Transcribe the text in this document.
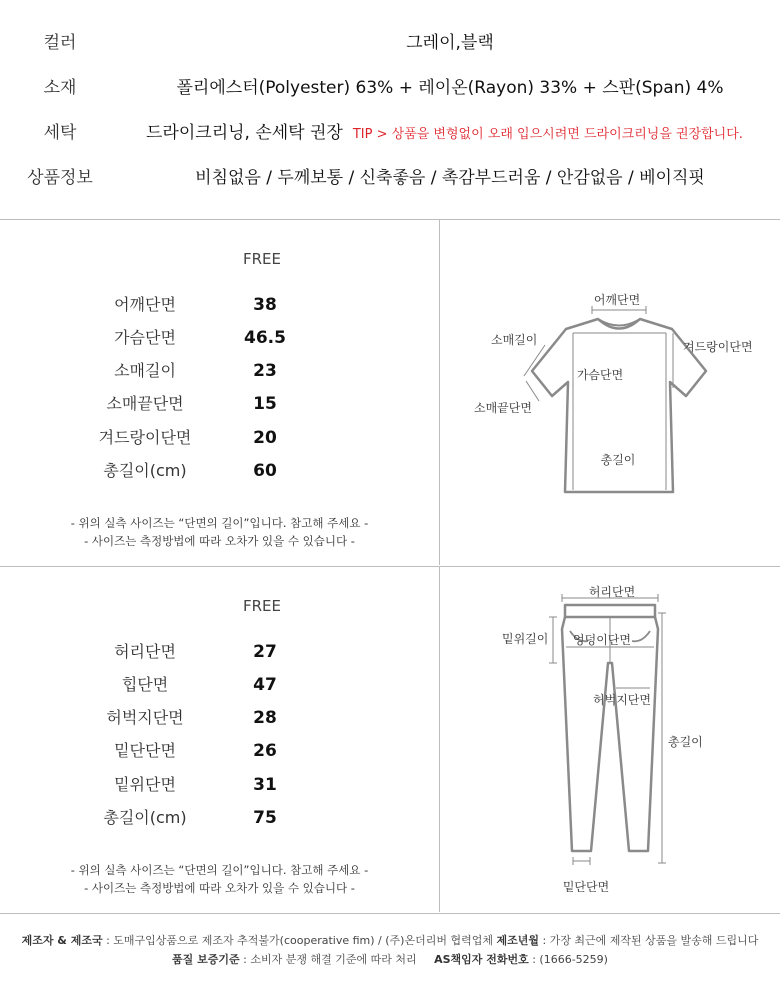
컬러	그레이,블랙
소재	폴리에스터(Polyester) 63% + 레이온(Rayon) 33% + 스판(Span) 4%
세탁	드라이크리닝, 손세탁 권장 TIP > 상품을 변형없이 오래 입으시려면 드라이크리닝을 권장합니다.
상품정보	비침없음 / 두께보통 / 신축좋음 / 촉감부드러움 / 안감없음 / 베이직핏
FREE
어깨단면	38
가슴단면	46.5
소매길이	23
소매끝단면	15
겨드랑이단면	20
총길이(cm)	60
- 위의 실측 사이즈는 “단면의 길이”입니다. 참고해 주세요 -
- 사이즈는 측정방법에 따라 오차가 있을 수 있습니다 -
어깨단면
소매길이	겨드랑이단면
가슴단면
소매끝단면
총길이
FREE
허리단면	27
힙단면	47
허벅지단면	28
밑단단면	26
밑위단면	31
총길이(cm)	75
- 위의 실측 사이즈는 “단면의 길이”입니다. 참고해 주세요 -
- 사이즈는 측정방법에 따라 오차가 있을 수 있습니다 -
허리단면
밑위길이 엉덩이단면
허벅지단면
총길이
밑단단면
제조자 & 제조국 : 도매구입상품으로 제조자 추적불가(cooperative fim) / (주)온더리버 협력업체 제조년월 : 가장 최근에 제작된 상품을 발송해 드립니다
품질 보증기준 : 소비자 분쟁 해결 기준에 따라 처리 AS책임자 전화번호 : (1666-5259)
